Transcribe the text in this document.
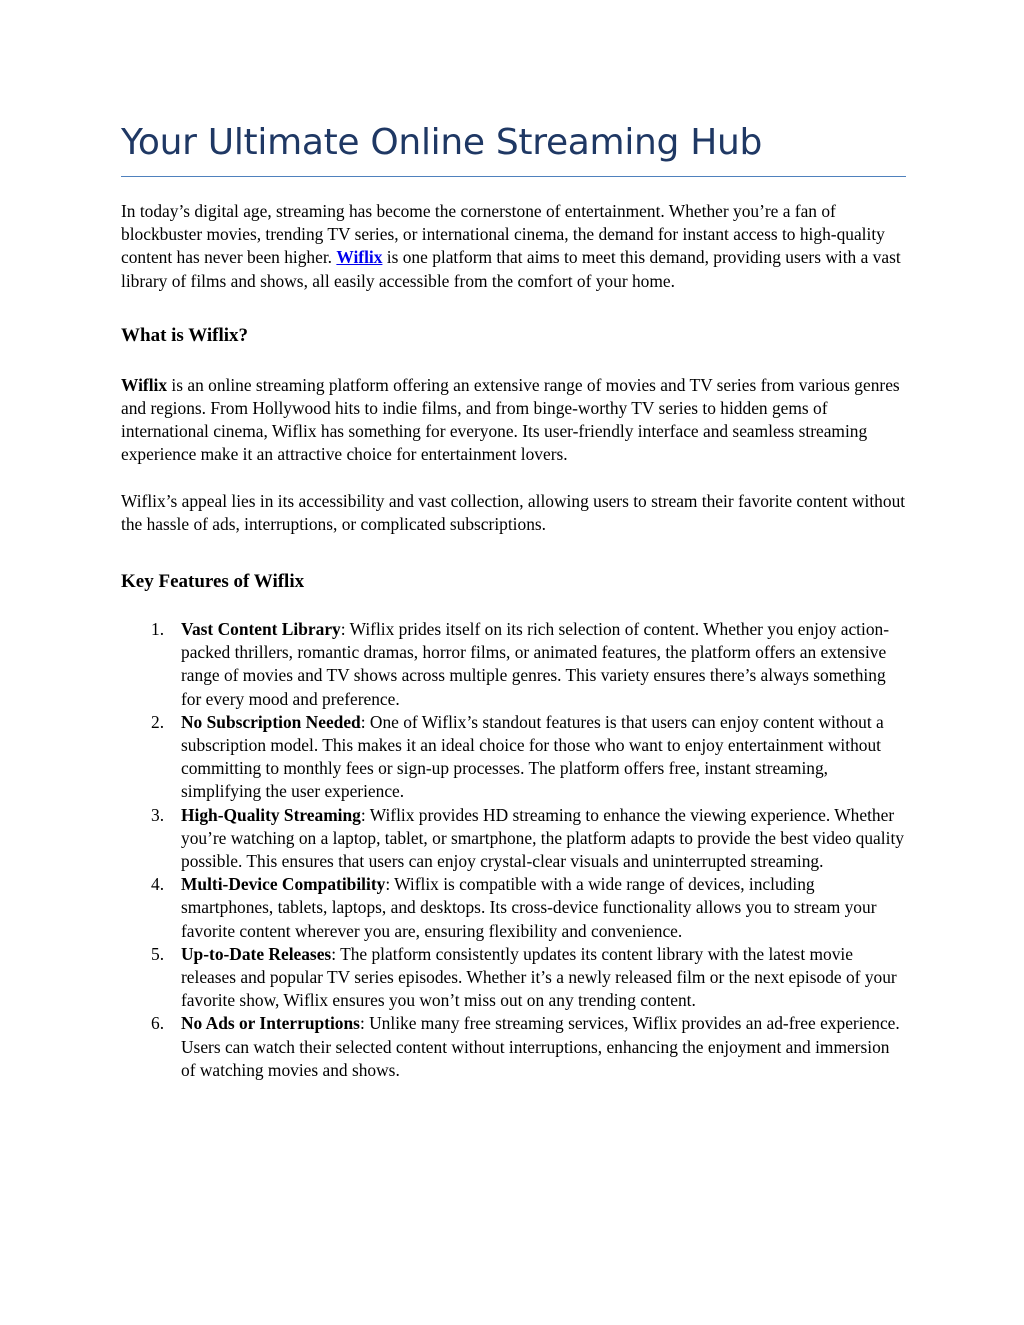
Your Ultimate Online Streaming Hub

In today’s digital age, streaming has become the cornerstone of entertainment. Whether you’re a fan of blockbuster movies, trending TV series, or international cinema, the demand for instant access to high-quality content has never been higher. Wiflix is one platform that aims to meet this demand, providing users with a vast library of films and shows, all easily accessible from the comfort of your home.

What is Wiflix?

Wiflix is an online streaming platform offering an extensive range of movies and TV series from various genres and regions. From Hollywood hits to indie films, and from binge-worthy TV series to hidden gems of international cinema, Wiflix has something for everyone. Its user-friendly interface and seamless streaming experience make it an attractive choice for entertainment lovers.

Wiflix’s appeal lies in its accessibility and vast collection, allowing users to stream their favorite content without the hassle of ads, interruptions, or complicated subscriptions.

Key Features of Wiflix
1. Vast Content Library: Wiflix prides itself on its rich selection of content. Whether you enjoy action-packed thrillers, romantic dramas, horror films, or animated features, the platform offers an extensive range of movies and TV shows across multiple genres. This variety ensures there’s always something for every mood and preference.
2. No Subscription Needed: One of Wiflix’s standout features is that users can enjoy content without a subscription model. This makes it an ideal choice for those who want to enjoy entertainment without committing to monthly fees or sign-up processes. The platform offers free, instant streaming, simplifying the user experience.
3. High-Quality Streaming: Wiflix provides HD streaming to enhance the viewing experience. Whether you’re watching on a laptop, tablet, or smartphone, the platform adapts to provide the best video quality possible. This ensures that users can enjoy crystal-clear visuals and uninterrupted streaming.
4. Multi-Device Compatibility: Wiflix is compatible with a wide range of devices, including smartphones, tablets, laptops, and desktops. Its cross-device functionality allows you to stream your favorite content wherever you are, ensuring flexibility and convenience.
5. Up-to-Date Releases: The platform consistently updates its content library with the latest movie releases and popular TV series episodes. Whether it’s a newly released film or the next episode of your favorite show, Wiflix ensures you won’t miss out on any trending content.
6. No Ads or Interruptions: Unlike many free streaming services, Wiflix provides an ad-free experience. Users can watch their selected content without interruptions, enhancing the enjoyment and immersion of watching movies and shows.
